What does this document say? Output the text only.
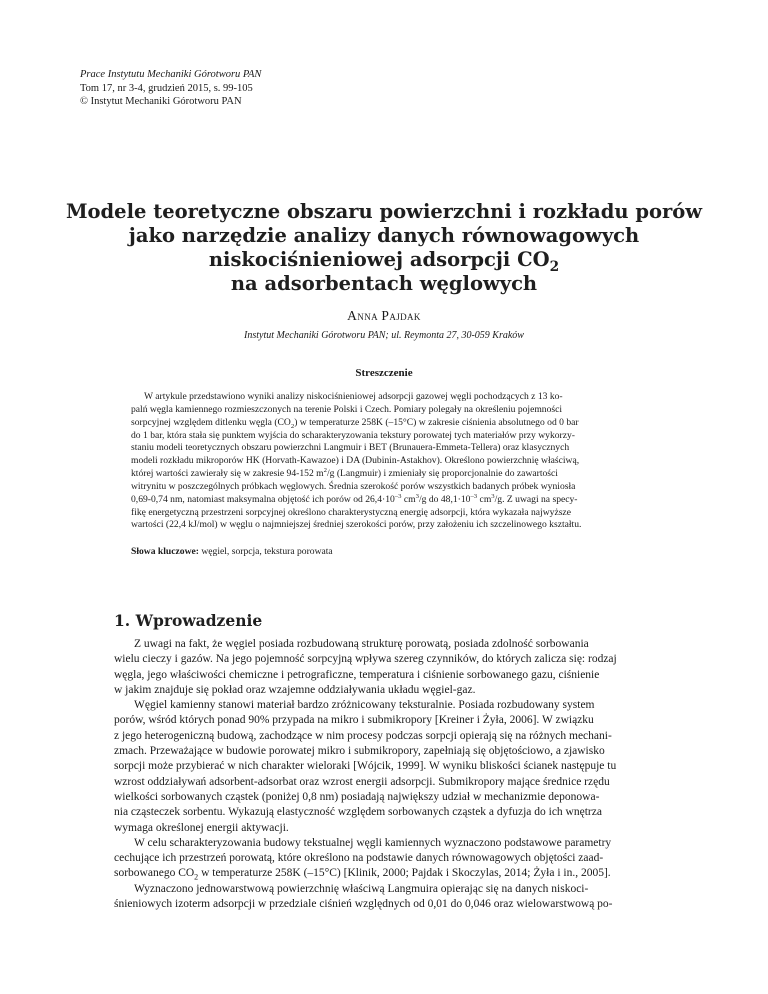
Prace Instytutu Mechaniki Górotworu PAN
Tom 17, nr 3-4, grudzień 2015, s. 99-105
© Instytut Mechaniki Górotworu PAN
Modele teoretyczne obszaru powierzchni i rozkładu porów
jako narzędzie analizy danych równowagowych
niskociśnieniowej adsorpcji $CO_2$
na adsorbentach węglowych
Anna Pajdak
Instytut Mechaniki Górotworu PAN; ul. Reymonta 27, 30-059 Kraków
Streszczenie
W artykule przedstawiono wyniki analizy niskociśnieniowej adsorpcji gazowej węgli pochodzących z 13 ko-
palń węgla kamiennego rozmieszczonych na terenie Polski i Czech. Pomiary polegały na określeniu pojemności
sorpcyjnej względem ditlenku węgla $(CO_2)$ w temperaturze 258K (–15°C) w zakresie ciśnienia absolutnego od 0 bar
do 1 bar, która stała się punktem wyjścia do scharakteryzowania tekstury porowatej tych materiałów przy wykorzy-
staniu modeli teoretycznych obszaru powierzchni Langmuir i BET (Brunauera-Emmeta-Tellera) oraz klasycznych
modeli rozkładu mikroporów HK (Horvath-Kawazoe) i DA (Dubinin-Astakhov). Określono powierzchnię właściwą,
której wartości zawierały się w zakresie 94-152 $m^2/g$ (Langmuir) i zmieniały się proporcjonalnie do zawartości
witrynitu w poszczególnych próbkach węglowych. Średnia szerokość porów wszystkich badanych próbek wyniosła
0,69-0,74 nm, natomiast maksymalna objętość ich porów od $26,4\cdot 10^{-3}$ $cm^3/g$ do $48,1\cdot 10^{-3}$ $cm^3/g$. Z uwagi na specy-
fikę energetyczną przestrzeni sorpcyjnej określono charakterystyczną energię adsorpcji, która wykazała najwyższe
wartości (22,4 kJ/mol) w węglu o najmniejszej średniej szerokości porów, przy założeniu ich szczelinowego kształtu.
Słowa kluczowe: węgiel, sorpcja, tekstura porowata
1. Wprowadzenie
Z uwagi na fakt, że węgiel posiada rozbudowaną strukturę porowatą, posiada zdolność sorbowania
wielu cieczy i gazów. Na jego pojemność sorpcyjną wpływa szereg czynników, do których zalicza się: rodzaj
węgla, jego właściwości chemiczne i petrograficzne, temperatura i ciśnienie sorbowanego gazu, ciśnienie
w jakim znajduje się pokład oraz wzajemne oddziaływania układu węgiel-gaz.
Węgiel kamienny stanowi materiał bardzo zróżnicowany teksturalnie. Posiada rozbudowany system
porów, wśród których ponad 90% przypada na mikro i submikropory [Kreiner i Żyła, 2006]. W związku
z jego heterogeniczną budową, zachodzące w nim procesy podczas sorpcji opierają się na różnych mechani-
zmach. Przeważające w budowie porowatej mikro i submikropory, zapełniają się objętościowo, a zjawisko
sorpcji może przybierać w nich charakter wieloraki [Wójcik, 1999]. W wyniku bliskości ścianek następuje tu
wzrost oddziaływań adsorbent-adsorbat oraz wzrost energii adsorpcji. Submikropory mające średnice rzędu
wielkości sorbowanych cząstek (poniżej 0,8 nm) posiadają największy udział w mechanizmie deponowa-
nia cząsteczek sorbentu. Wykazują elastyczność względem sorbowanych cząstek a dyfuzja do ich wnętrza
wymaga określonej energii aktywacji.
W celu scharakteryzowania budowy tekstualnej węgli kamiennych wyznaczono podstawowe parametry
cechujące ich przestrzeń porowatą, które określono na podstawie danych równowagowych objętości zaad-
sorbowanego $CO_2$ w temperaturze 258K (–15°C) [Klinik, 2000; Pajdak i Skoczylas, 2014; Żyła i in., 2005].
Wyznaczono jednowarstwową powierzchnię właściwą Langmuira opierając się na danych niskoci-
śnieniowych izoterm adsorpcji w przedziale ciśnień względnych od 0,01 do 0,046 oraz wielowarstwową po-
